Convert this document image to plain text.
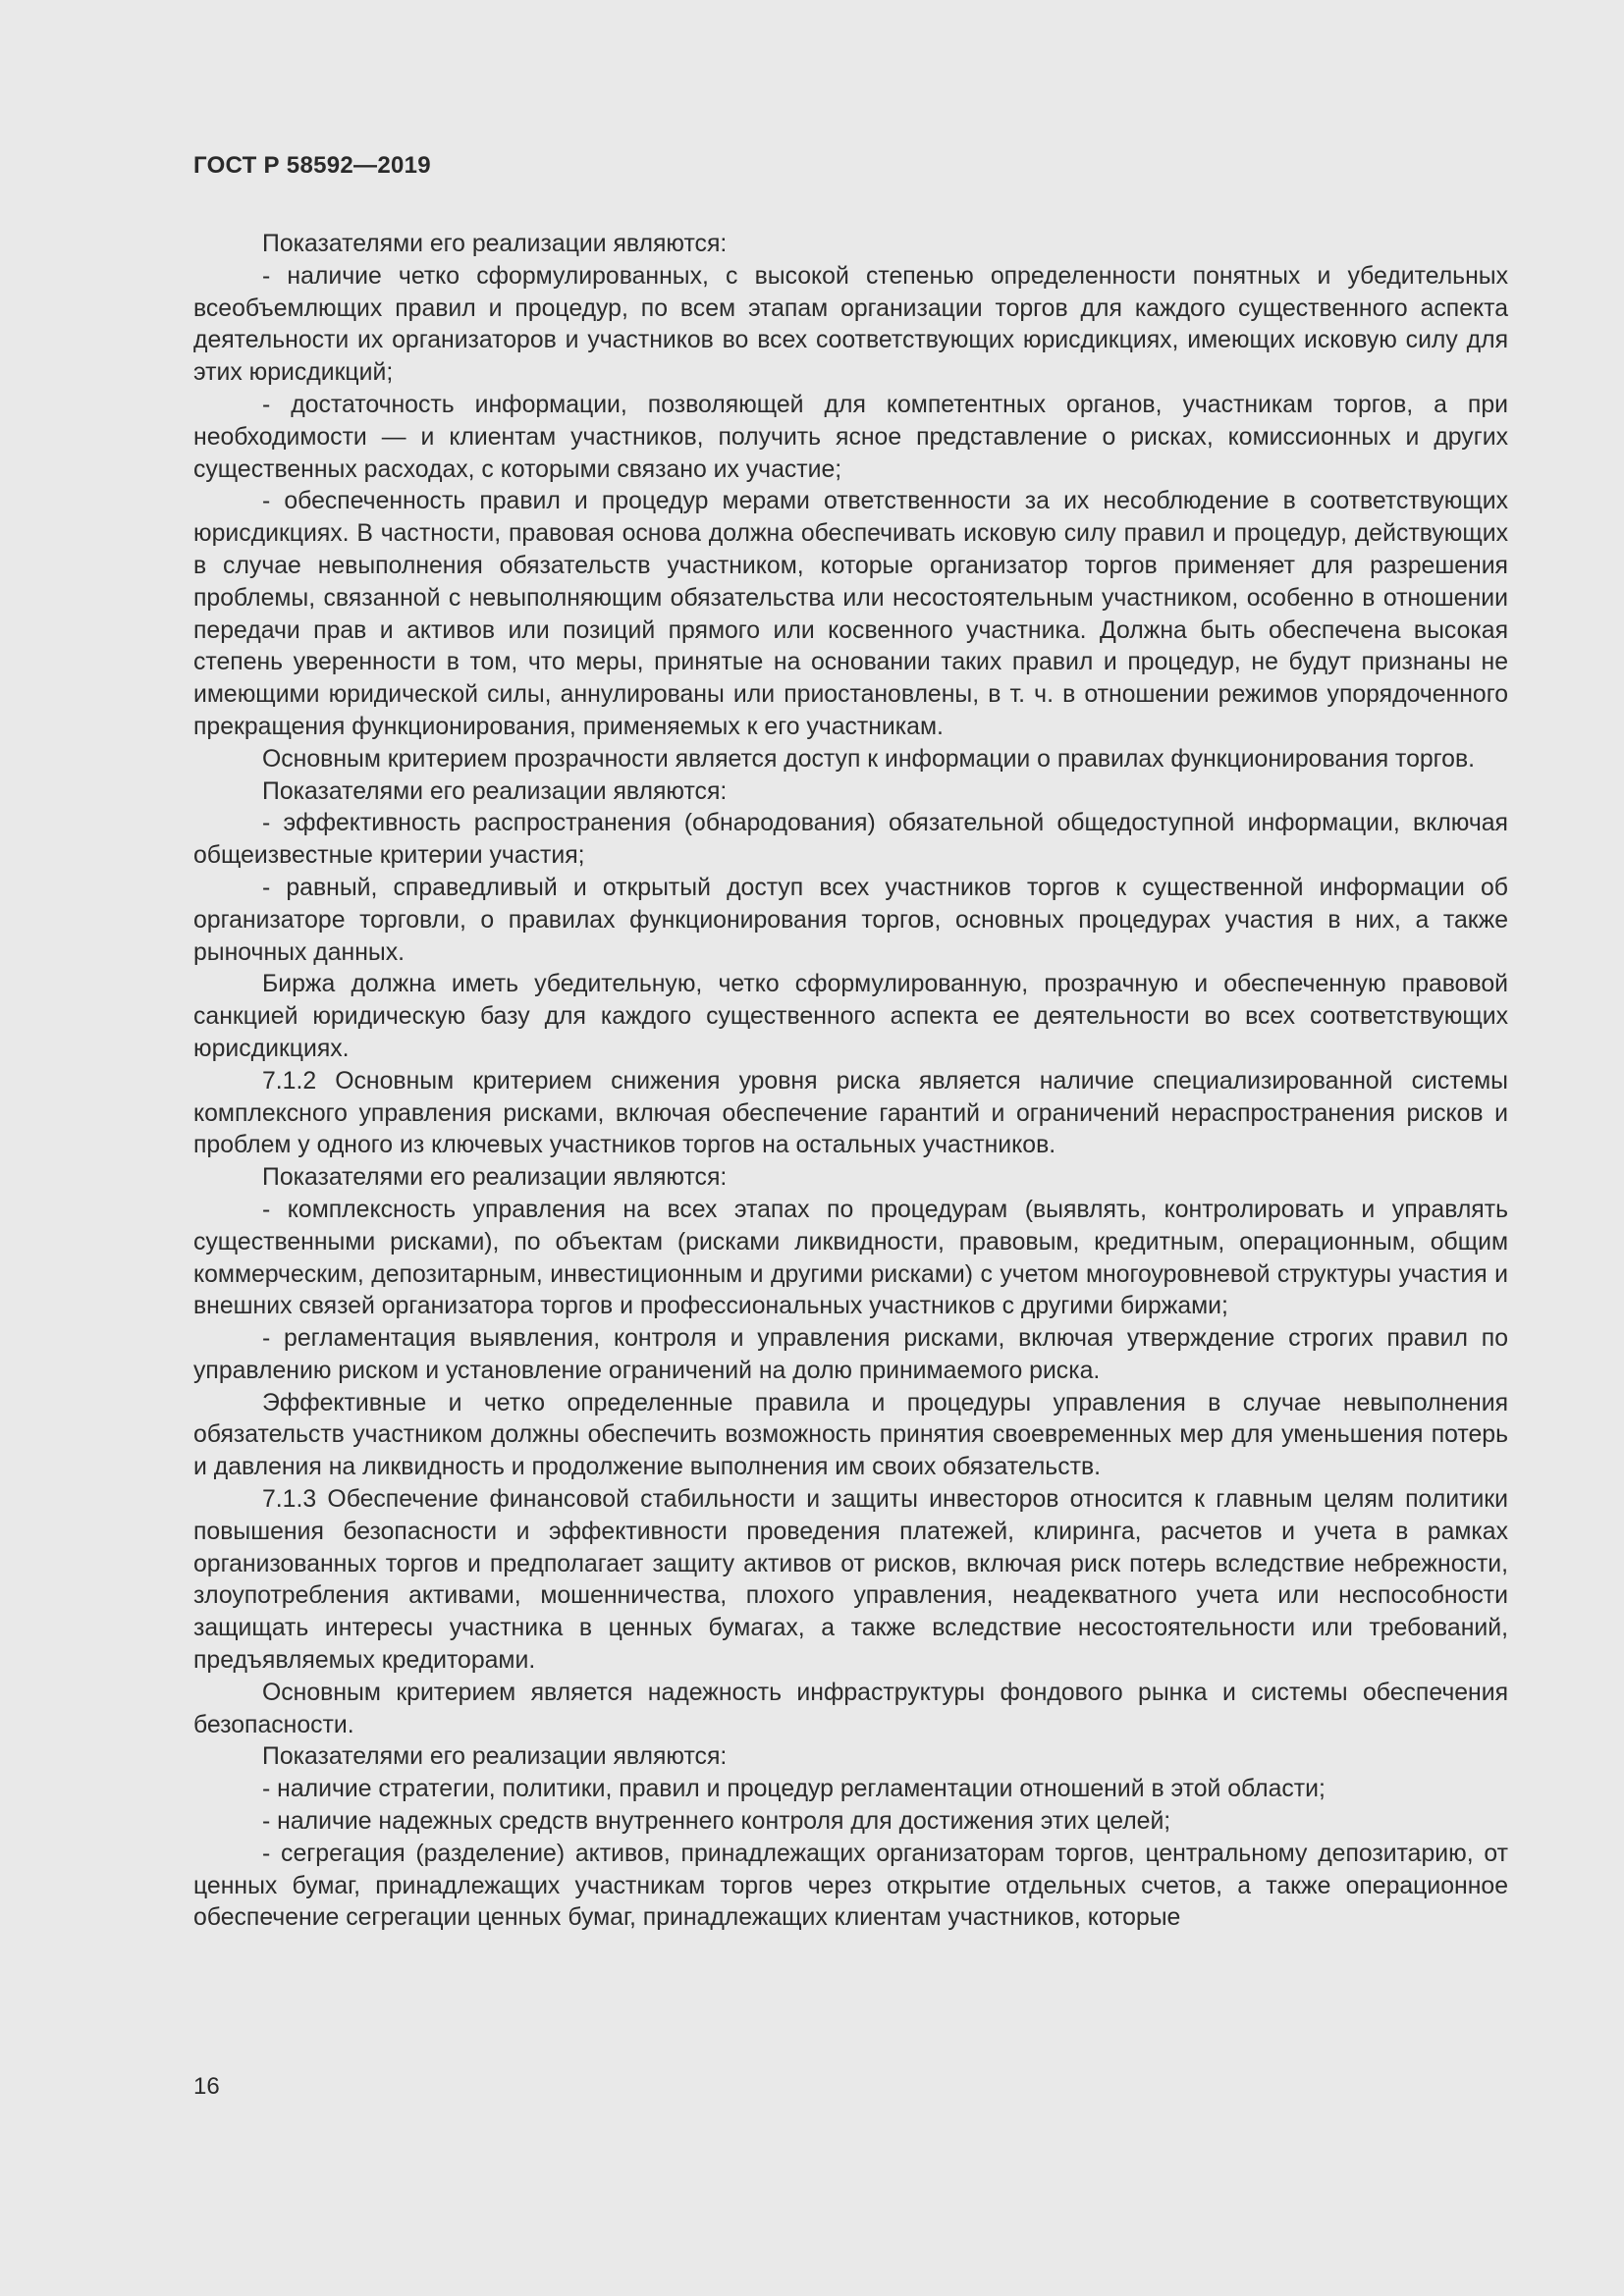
ГОСТ Р 58592—2019

Показателями его реализации являются:

- наличие четко сформулированных, с высокой степенью определенности понятных и убедительных всеобъемлющих правил и процедур, по всем этапам организации торгов для каждого существенного аспекта деятельности их организаторов и участников во всех соответствующих юрисдикциях, имеющих исковую силу для этих юрисдикций;

- достаточность информации, позволяющей для компетентных органов, участникам торгов, а при необходимости — и клиентам участников, получить ясное представление о рисках, комиссионных и других существенных расходах, с которыми связано их участие;

- обеспеченность правил и процедур мерами ответственности за их несоблюдение в соответствующих юрисдикциях. В частности, правовая основа должна обеспечивать исковую силу правил и процедур, действующих в случае невыполнения обязательств участником, которые организатор торгов применяет для разрешения проблемы, связанной с невыполняющим обязательства или несостоятельным участником, особенно в отношении передачи прав и активов или позиций прямого или косвенного участника. Должна быть обеспечена высокая степень уверенности в том, что меры, принятые на основании таких правил и процедур, не будут признаны не имеющими юридической силы, аннулированы или приостановлены, в т. ч. в отношении режимов упорядоченного прекращения функционирования, применяемых к его участникам.

Основным критерием прозрачности является доступ к информации о правилах функционирования торгов.

Показателями его реализации являются:

- эффективность распространения (обнародования) обязательной общедоступной информации, включая общеизвестные критерии участия;

- равный, справедливый и открытый доступ всех участников торгов к существенной информации об организаторе торговли, о правилах функционирования торгов, основных процедурах участия в них, а также рыночных данных.

Биржа должна иметь убедительную, четко сформулированную, прозрачную и обеспеченную правовой санкцией юридическую базу для каждого существенного аспекта ее деятельности во всех соответствующих юрисдикциях.

7.1.2 Основным критерием снижения уровня риска является наличие специализированной системы комплексного управления рисками, включая обеспечение гарантий и ограничений нераспространения рисков и проблем у одного из ключевых участников торгов на остальных участников.

Показателями его реализации являются:

- комплексность управления на всех этапах по процедурам (выявлять, контролировать и управлять существенными рисками), по объектам (рисками ликвидности, правовым, кредитным, операционным, общим коммерческим, депозитарным, инвестиционным и другими рисками) с учетом многоуровневой структуры участия и внешних связей организатора торгов и профессиональных участников с другими биржами;

- регламентация выявления, контроля и управления рисками, включая утверждение строгих правил по управлению риском и установление ограничений на долю принимаемого риска.

Эффективные и четко определенные правила и процедуры управления в случае невыполнения обязательств участником должны обеспечить возможность принятия своевременных мер для уменьшения потерь и давления на ликвидность и продолжение выполнения им своих обязательств.

7.1.3 Обеспечение финансовой стабильности и защиты инвесторов относится к главным целям политики повышения безопасности и эффективности проведения платежей, клиринга, расчетов и учета в рамках организованных торгов и предполагает защиту активов от рисков, включая риск потерь вследствие небрежности, злоупотребления активами, мошенничества, плохого управления, неадекватного учета или неспособности защищать интересы участника в ценных бумагах, а также вследствие несостоятельности или требований, предъявляемых кредиторами.

Основным критерием является надежность инфраструктуры фондового рынка и системы обеспечения безопасности.

Показателями его реализации являются:

- наличие стратегии, политики, правил и процедур регламентации отношений в этой области;

- наличие надежных средств внутреннего контроля для достижения этих целей;

- сегрегация (разделение) активов, принадлежащих организаторам торгов, центральному депозитарию, от ценных бумаг, принадлежащих участникам торгов через открытие отдельных счетов, а также операционное обеспечение сегрегации ценных бумаг, принадлежащих клиентам участников, которые

16
